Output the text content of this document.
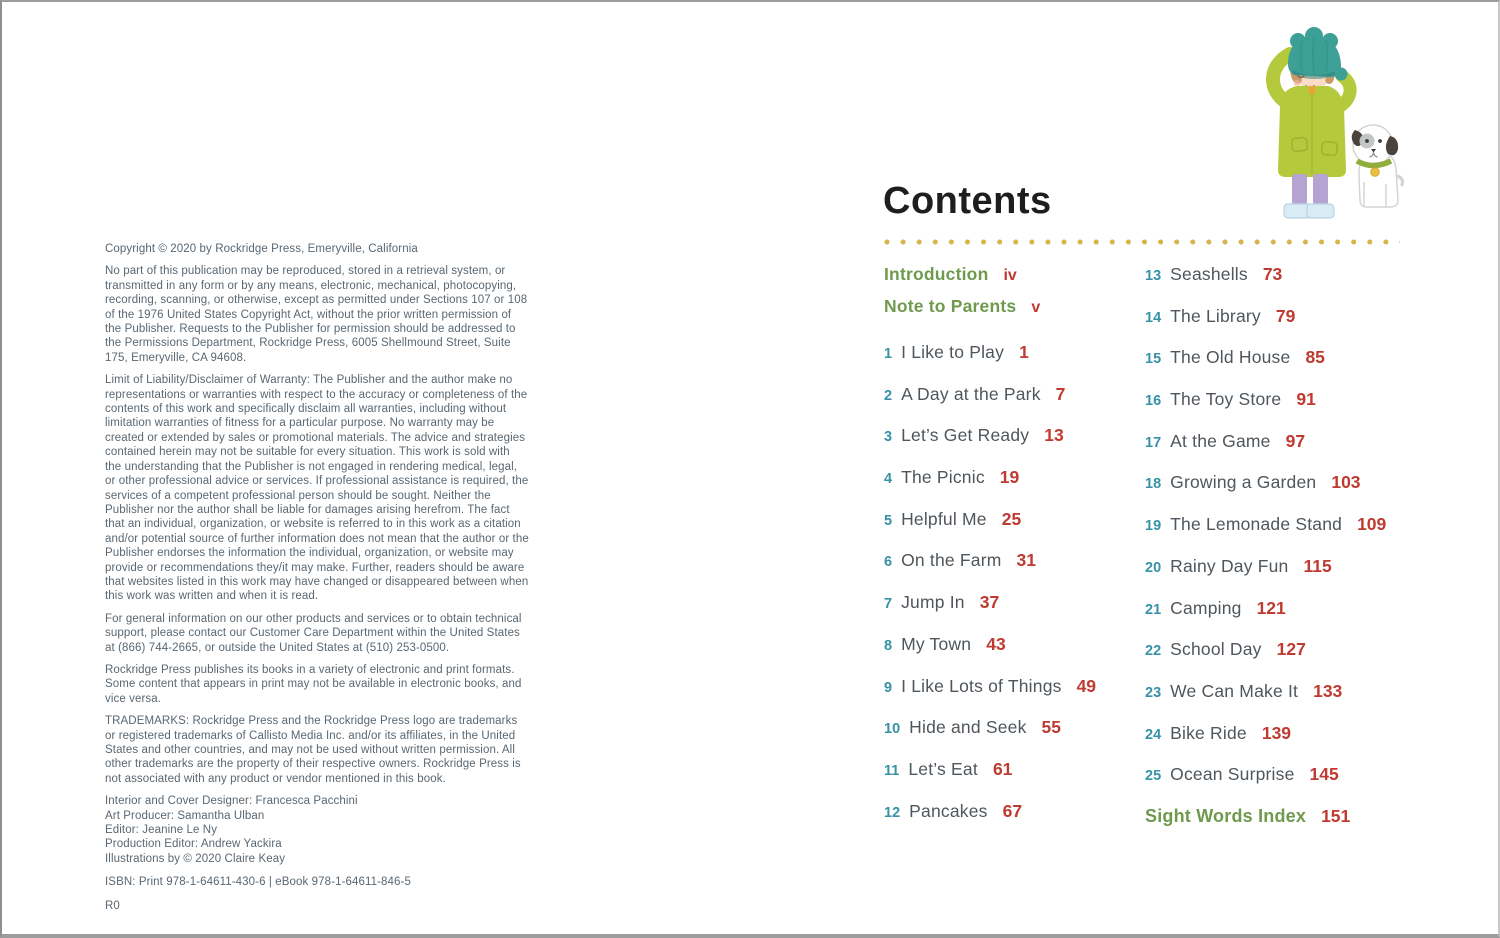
Copyright © 2020 by Rockridge Press, Emeryville, California

No part of this publication may be reproduced, stored in a retrieval system, or transmitted in any form or by any means, electronic, mechanical, photocopying, recording, scanning, or otherwise, except as permitted under Sections 107 or 108 of the 1976 United States Copyright Act, without the prior written permission of the Publisher. Requests to the Publisher for permission should be addressed to the Permissions Department, Rockridge Press, 6005 Shellmound Street, Suite 175, Emeryville, CA 94608.

Limit of Liability/Disclaimer of Warranty: The Publisher and the author make no representations or warranties with respect to the accuracy or completeness of the contents of this work and specifically disclaim all warranties, including without limitation warranties of fitness for a particular purpose. No warranty may be created or extended by sales or promotional materials. The advice and strategies contained herein may not be suitable for every situation. This work is sold with the understanding that the Publisher is not engaged in rendering medical, legal, or other professional advice or services. If professional assistance is required, the services of a competent professional person should be sought. Neither the Publisher nor the author shall be liable for damages arising herefrom. The fact that an individual, organization, or website is referred to in this work as a citation and/or potential source of further information does not mean that the author or the Publisher endorses the information the individual, organization, or website may provide or recommendations they/it may make. Further, readers should be aware that websites listed in this work may have changed or disappeared between when this work was written and when it is read.

For general information on our other products and services or to obtain technical support, please contact our Customer Care Department within the United States at (866) 744-2665, or outside the United States at (510) 253-0500.

Rockridge Press publishes its books in a variety of electronic and print formats. Some content that appears in print may not be available in electronic books, and vice versa.

TRADEMARKS: Rockridge Press and the Rockridge Press logo are trademarks or registered trademarks of Callisto Media Inc. and/or its affiliates, in the United States and other countries, and may not be used without written permission. All other trademarks are the property of their respective owners. Rockridge Press is not associated with any product or vendor mentioned in this book.

Interior and Cover Designer: Francesca Pacchini
Art Producer: Samantha Ulban
Editor: Jeanine Le Ny
Production Editor: Andrew Yackira
Illustrations by © 2020 Claire Keay
ISBN: Print 978-1-64611-430-6 | eBook 978-1-64611-846-5
R0
Contents
Introduction iv
Note to Parents v
1 I Like to Play 1
2 A Day at the Park 7
3 Let’s Get Ready 13
4 The Picnic 19
5 Helpful Me 25
6 On the Farm 31
7 Jump In 37
8 My Town 43
9 I Like Lots of Things 49
10 Hide and Seek 55
11 Let’s Eat 61
12 Pancakes 67
13 Seashells 73
14 The Library 79
15 The Old House 85
16 The Toy Store 91
17 At the Game 97
18 Growing a Garden 103
19 The Lemonade Stand 109
20 Rainy Day Fun 115
21 Camping 121
22 School Day 127
23 We Can Make It 133
24 Bike Ride 139
25 Ocean Surprise 145
Sight Words Index 151
